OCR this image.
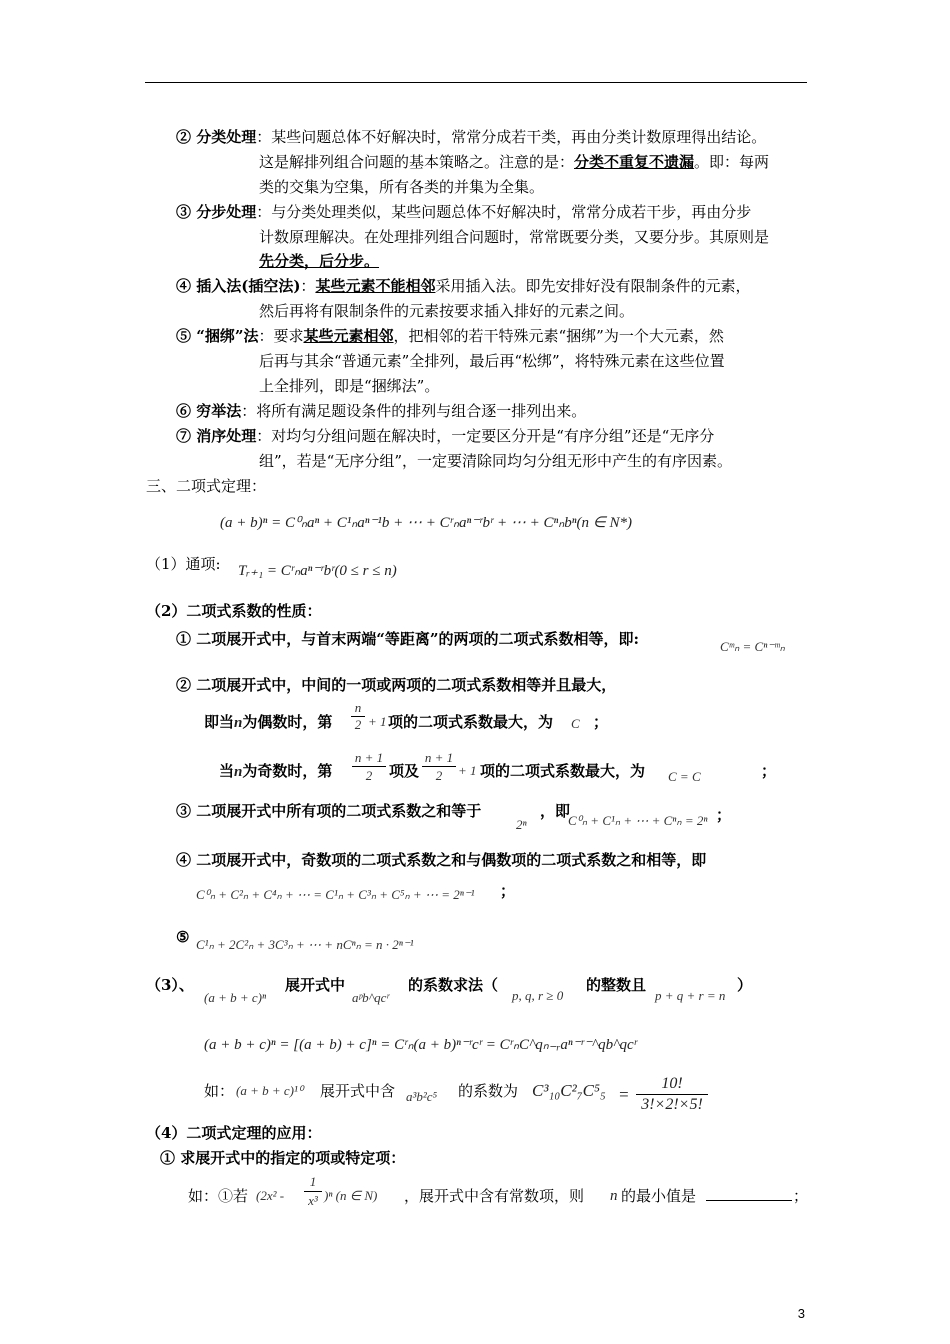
② 分类处理：某些问题总体不好解决时，常常分成若干类，再由分类计数原理得出结论。
这是解排列组合问题的基本策略之。注意的是：分类不重复不遗漏。即：每两
类的交集为空集，所有各类的并集为全集。
③ 分步处理：与分类处理类似，某些问题总体不好解决时，常常分成若干步，再由分步
计数原理解决。在处理排列组合问题时，常常既要分类，又要分步。其原则是
先分类，后分步。
④ 插入法(插空法)：某些元素不能相邻采用插入法。即先安排好没有限制条件的元素，
然后再将有限制条件的元素按要求插入排好的元素之间。
⑤ “捆绑”法：要求某些元素相邻，把相邻的若干特殊元素“捆绑”为一个大元素，然
后再与其余“普通元素”全排列，最后再“松绑”，将特殊元素在这些位置
上全排列，即是“捆绑法”。
⑥ 穷举法：将所有满足题设条件的排列与组合逐一排列出来。
⑦ 消序处理：对均匀分组问题在解决时，一定要区分开是“有序分组”还是“无序分
组”，若是“无序分组”，一定要清除同均匀分组无形中产生的有序因素。
三、二项式定理：
(a + b)ⁿ = C⁰ₙaⁿ + C¹ₙaⁿ⁻¹b + ⋯ + Cʳₙaⁿ⁻ʳbʳ + ⋯ + Cⁿₙbⁿ(n ∈ N*)
（1）通项: Tᵣ₊₁ = Cʳₙaⁿ⁻ʳbʳ(0 ≤ r ≤ n)
（2）二项式系数的性质：
① 二项展开式中，与首末两端“等距离”的两项的二项式系数相等，即:	Cᵐₙ = Cⁿ⁻ᵐₙ
② 二项展开式中，中间的一项或两项的二项式系数相等并且最大，
即当n为偶数时，第
n
2 + 1 项的二项式系数最大，为 C ；
当n为奇数时，第
n + 1
2	项及
n + 1
2	+ 1 项的二项式系数最大，为 C = C	；
③ 二项展开式中所有项的二项式系数之和等于
2ⁿ
，即
C⁰ₙ + C¹ₙ + ⋯ + Cⁿₙ = 2ⁿ ；
④ 二项展开式中，奇数项的二项式系数之和与偶数项的二项式系数之和相等，即
C⁰ₙ + C²ₙ + C⁴ₙ + ⋯ = C¹ₙ + C³ₙ + C⁵ₙ + ⋯ = 2ⁿ⁻¹ ；
⑤ C¹ₙ + 2C²ₙ + 3C³ₙ + ⋯ + nCⁿₙ = n · 2ⁿ⁻¹
（3）、
(a + b + c)ⁿ
展开式中
aᵖb^qcʳ
的系数求法（
p, q, r ≥ 0
的整数且
p + q + r = n
）
(a + b + c)ⁿ = [(a + b) + c]ⁿ = Cʳₙ(a + b)ⁿ⁻ʳcʳ = CʳₙC^qₙ₋ᵣaⁿ⁻ʳ⁻^qb^qcʳ
如： (a + b + c)¹⁰ 展开式中含 a³b²c⁵ 的系数为 C³₁₀C²₇C⁵₅ =
10!
3!×2!×5!
（4）二项式定理的应用：
① 求展开式中的指定的项或特定项：
如：①若 (2x² -
1
x³ )ⁿ (n ∈ N) ，展开式中含有常数项，则 n 的最小值是	；
3
